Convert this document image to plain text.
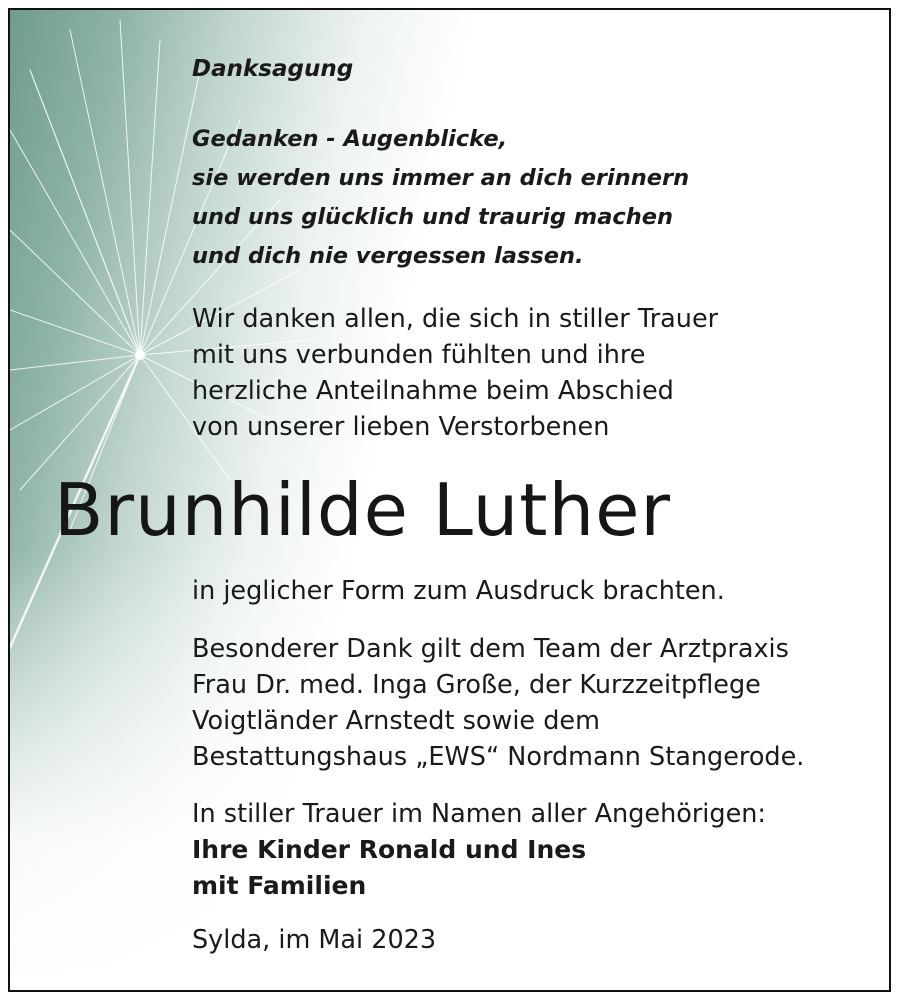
Danksagung

Gedanken - Augenblicke,
sie werden uns immer an dich erinnern
und uns glücklich und traurig machen
und dich nie vergessen lassen.

Wir danken allen, die sich in stiller Trauer
mit uns verbunden fühlten und ihre
herzliche Anteilnahme beim Abschied
von unserer lieben Verstorbenen

Brunhilde Luther

in jeglicher Form zum Ausdruck brachten.

Besonderer Dank gilt dem Team der Arztpraxis
Frau Dr. med. Inga Große, der Kurzzeitpflege
Voigtländer Arnstedt sowie dem
Bestattungshaus „EWS“ Nordmann Stangerode.

In stiller Trauer im Namen aller Angehörigen:

Ihre Kinder Ronald und Ines
mit Familien

Sylda, im Mai 2023
